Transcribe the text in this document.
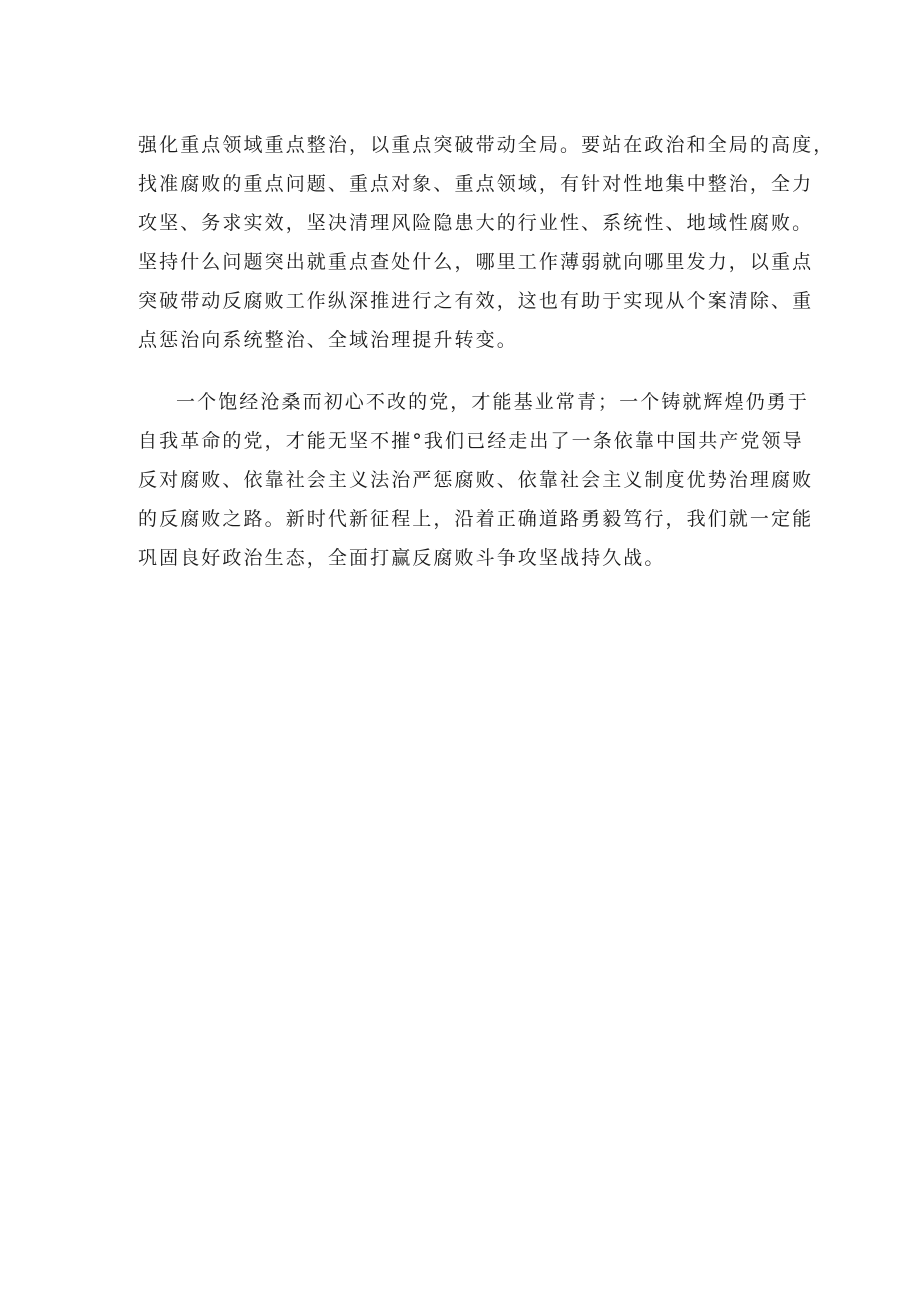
强化重点领域重点整治，以重点突破带动全局。要站在政治和全局的高度，
找准腐败的重点问题、重点对象、重点领域，有针对性地集中整治，全力
攻坚、务求实效，坚决清理风险隐患大的行业性、系统性、地域性腐败。
坚持什么问题突出就重点查处什么，哪里工作薄弱就向哪里发力，以重点
突破带动反腐败工作纵深推进行之有效，这也有助于实现从个案清除、重
点惩治向系统整治、全域治理提升转变。
一个饱经沧桑而初心不改的党，才能基业常青；一个铸就辉煌仍勇于
自我革命的党，才能无坚不摧°我们已经走出了一条依靠中国共产党领导
反对腐败、依靠社会主义法治严惩腐败、依靠社会主义制度优势治理腐败
的反腐败之路。新时代新征程上，沿着正确道路勇毅笃行，我们就一定能
巩固良好政治生态，全面打赢反腐败斗争攻坚战持久战。
